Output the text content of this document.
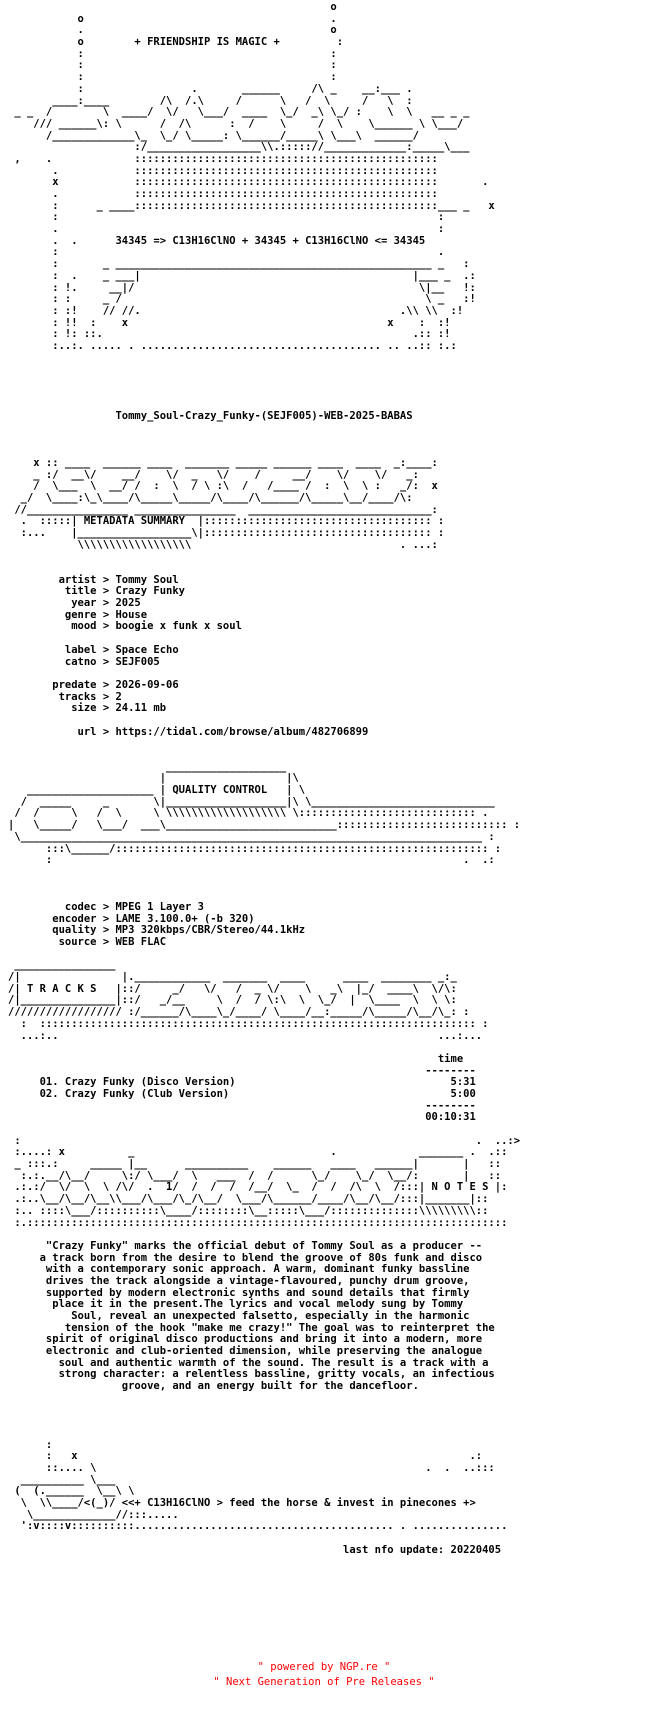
o
o                                       .
.                                       o
o        + FRIENDSHIP IS MAGIC +         :
:                                       :
:                                       :
:                                       :
:                 .       ______     /\ _    __:___ .
____:____        /\  /.\     /      \   /  \     /   \  :
_ _  /        \  ____/  \/   \___/  ____  \_/  _\ \_/ :    \  \   __ _ _
/// ______\: \      /  /\      :  /    \     /  \    \______ \ \___/
/_____________\_  \_/ \_____: \______/_____\ \___\  ______/
:/__________________\\.::::://_____________:_____\___
,    .             ::::::::::::::::::::::::::::::::::::::::::::::::
.            ::::::::::::::::::::::::::::::::::::::::::::::::
x            ::::::::::::::::::::::::::::::::::::::::::::::::       .
.            ::::::::::::::::::::::::::::::::::::::::::::::::
:      _ ____::::::::::::::::::::::::::::::::::::::::::::::::___ _   x
:                                                            :
.                                                            :
.  .      34345 => C13H16ClNO + 34345 + C13H16ClNO <= 34345
:                                                            .
:       _ __________________________________________________ _   :
:  .    _ ___|                                           |___ _  .:
: !.     __|/                                             \|__   !:
: :     _ /                                                \ _   :!
: :!    // //.                                         .\\ \\  :!
: !!  :    x                                         x    :  :!
: !: ::.                                                 .:: :!
:..:. ..... . ...................................... .. ..:: :.:

Tommy_Soul-Crazy_Funky-(SEJF005)-WEB-2025-BABAS

x :: ____  ______ ____  _______ _____ ______ ____  ____  _:____:
_ :/  __\/    __/    \/  _   \/    /     __/    \/    \/   _:
/  \___  \  __/ /  :  \  / \ :\  /   /____ /  :  \  \ :   _/:  x
_/  \____:\_\____/\_____\_____/\____/\______/\_____\__/____/\:
//________________ ________________  _____________________________:
.  :::::| METADATA SUMMARY  |:::::::::::::::::::::::::::::::::::: :
:...    |__________________\|:::::::::::::::::::::::::::::::::::: :
\\\\\\\\\\\\\\\\\\                                 . ...:

artist > Tommy Soul
title > Crazy Funky
year > 2025
genre > House
mood > boogie x funk x soul

label > Space Echo
catno > SEJF005

predate > 2026-09-06
tracks > 2
size > 24.11 mb

url > https://tidal.com/browse/album/482706899

___________________
|                   |\
____________________ | QUALITY CONTROL   | \
/  _____     _       \|___________________|\ \_____________________________
/  /     \   /  \     \ \\\\\\\\\\\\\\\\\\\ \:::::::::::::::::::::::::::: .
|   \_____/   \___/  ___\___________________________::::::::::::::::::::::::::: :
\_________________________________________________________________________ :
:::\______/::::::::::::::::::::::::::::::::::::::::::::::::::::::::::: :
:                                                                 .  .:

codec > MPEG 1 Layer 3
encoder > LAME 3.100.0+ (-b 320)
quality > MP3 320kbps/CBR/Stereo/44.1kHz
source > WEB FLAC

________________
/|                |.____________  _______  ____      ____  ________ _:_
/| T R A C K S   |::/     _/   \/   /  _ \/    \   _\  |_/  ____\  \/\:
/|_______________|::/   _/__     \  /  / \:\  \  \_/  |  \____  \  \ \:
////////////////// :/______/\____\_/____/ \____/__:_____/\_____/\__/\_: :
:  ::::::::::::::::::::::::::::::::::::::::::::::::::::::::::::::::::::: :
...:..                                                            ...:...

time
--------
01. Crazy Funky (Disco Version)                                  5:31
02. Crazy Funky (Club Version)                                   5:00
--------
00:10:31

:                                                                        .  ..:>
:....: x          _                               .             _______ .  .::
_ :::.:     _____ |__      __________    ______   ____   ______|       |   ::
:.:.__/\__/     \:/ \___/  \   ___  /  /      \_/    \_/  \__/:       |   ::
.:.:/  \/  \  \ /\/  .  1/  /  /  /  /__/  \_  /  /  /\  \  /:::| N O T E S |:
.:..\__/\__/\__\\___/\___/\_/\__/  \___/\______/____/\__/\__/:::|_______|::
:.. ::::\___/::::::::::\____/::::::::\__:::::\___/::::::::::::::\\\\\\\\\::
:.::::::::::::::::::::::::::::::::::::::::::::::::::::::::::::::::::::::::::::

"Crazy Funky" marks the official debut of Tommy Soul as a producer --
a track born from the desire to blend the groove of 80s funk and disco
with a contemporary sonic approach. A warm, dominant funky bassline
drives the track alongside a vintage-flavoured, punchy drum groove,
supported by modern electronic synths and sound details that firmly
place it in the present.The lyrics and vocal melody sung by Tommy
Soul, reveal an unexpected falsetto, especially in the harmonic
tension of the hook "make me crazy!" The goal was to reinterpret the
spirit of original disco productions and bring it into a modern, more
electronic and club-oriented dimension, while preserving the analogue
soul and authentic warmth of the sound. The result is a track with a
strong character: a relentless bassline, gritty vocals, an infectious
groove, and an energy built for the dancefloor.

:
:   x                                                              .:
::.... \                                                    .  .  ..:::
__________ \___
(  (.______  \__\ \
\  \\____/<(_)/ <<+ C13H16ClNO > feed the horse & invest in pinecones +>
\_____________//:::.....
':v::::v::::::::::......................................... . ...............

last nfo update: 20220405
" powered by NGP.re "
" Next Generation of Pre Releases "
